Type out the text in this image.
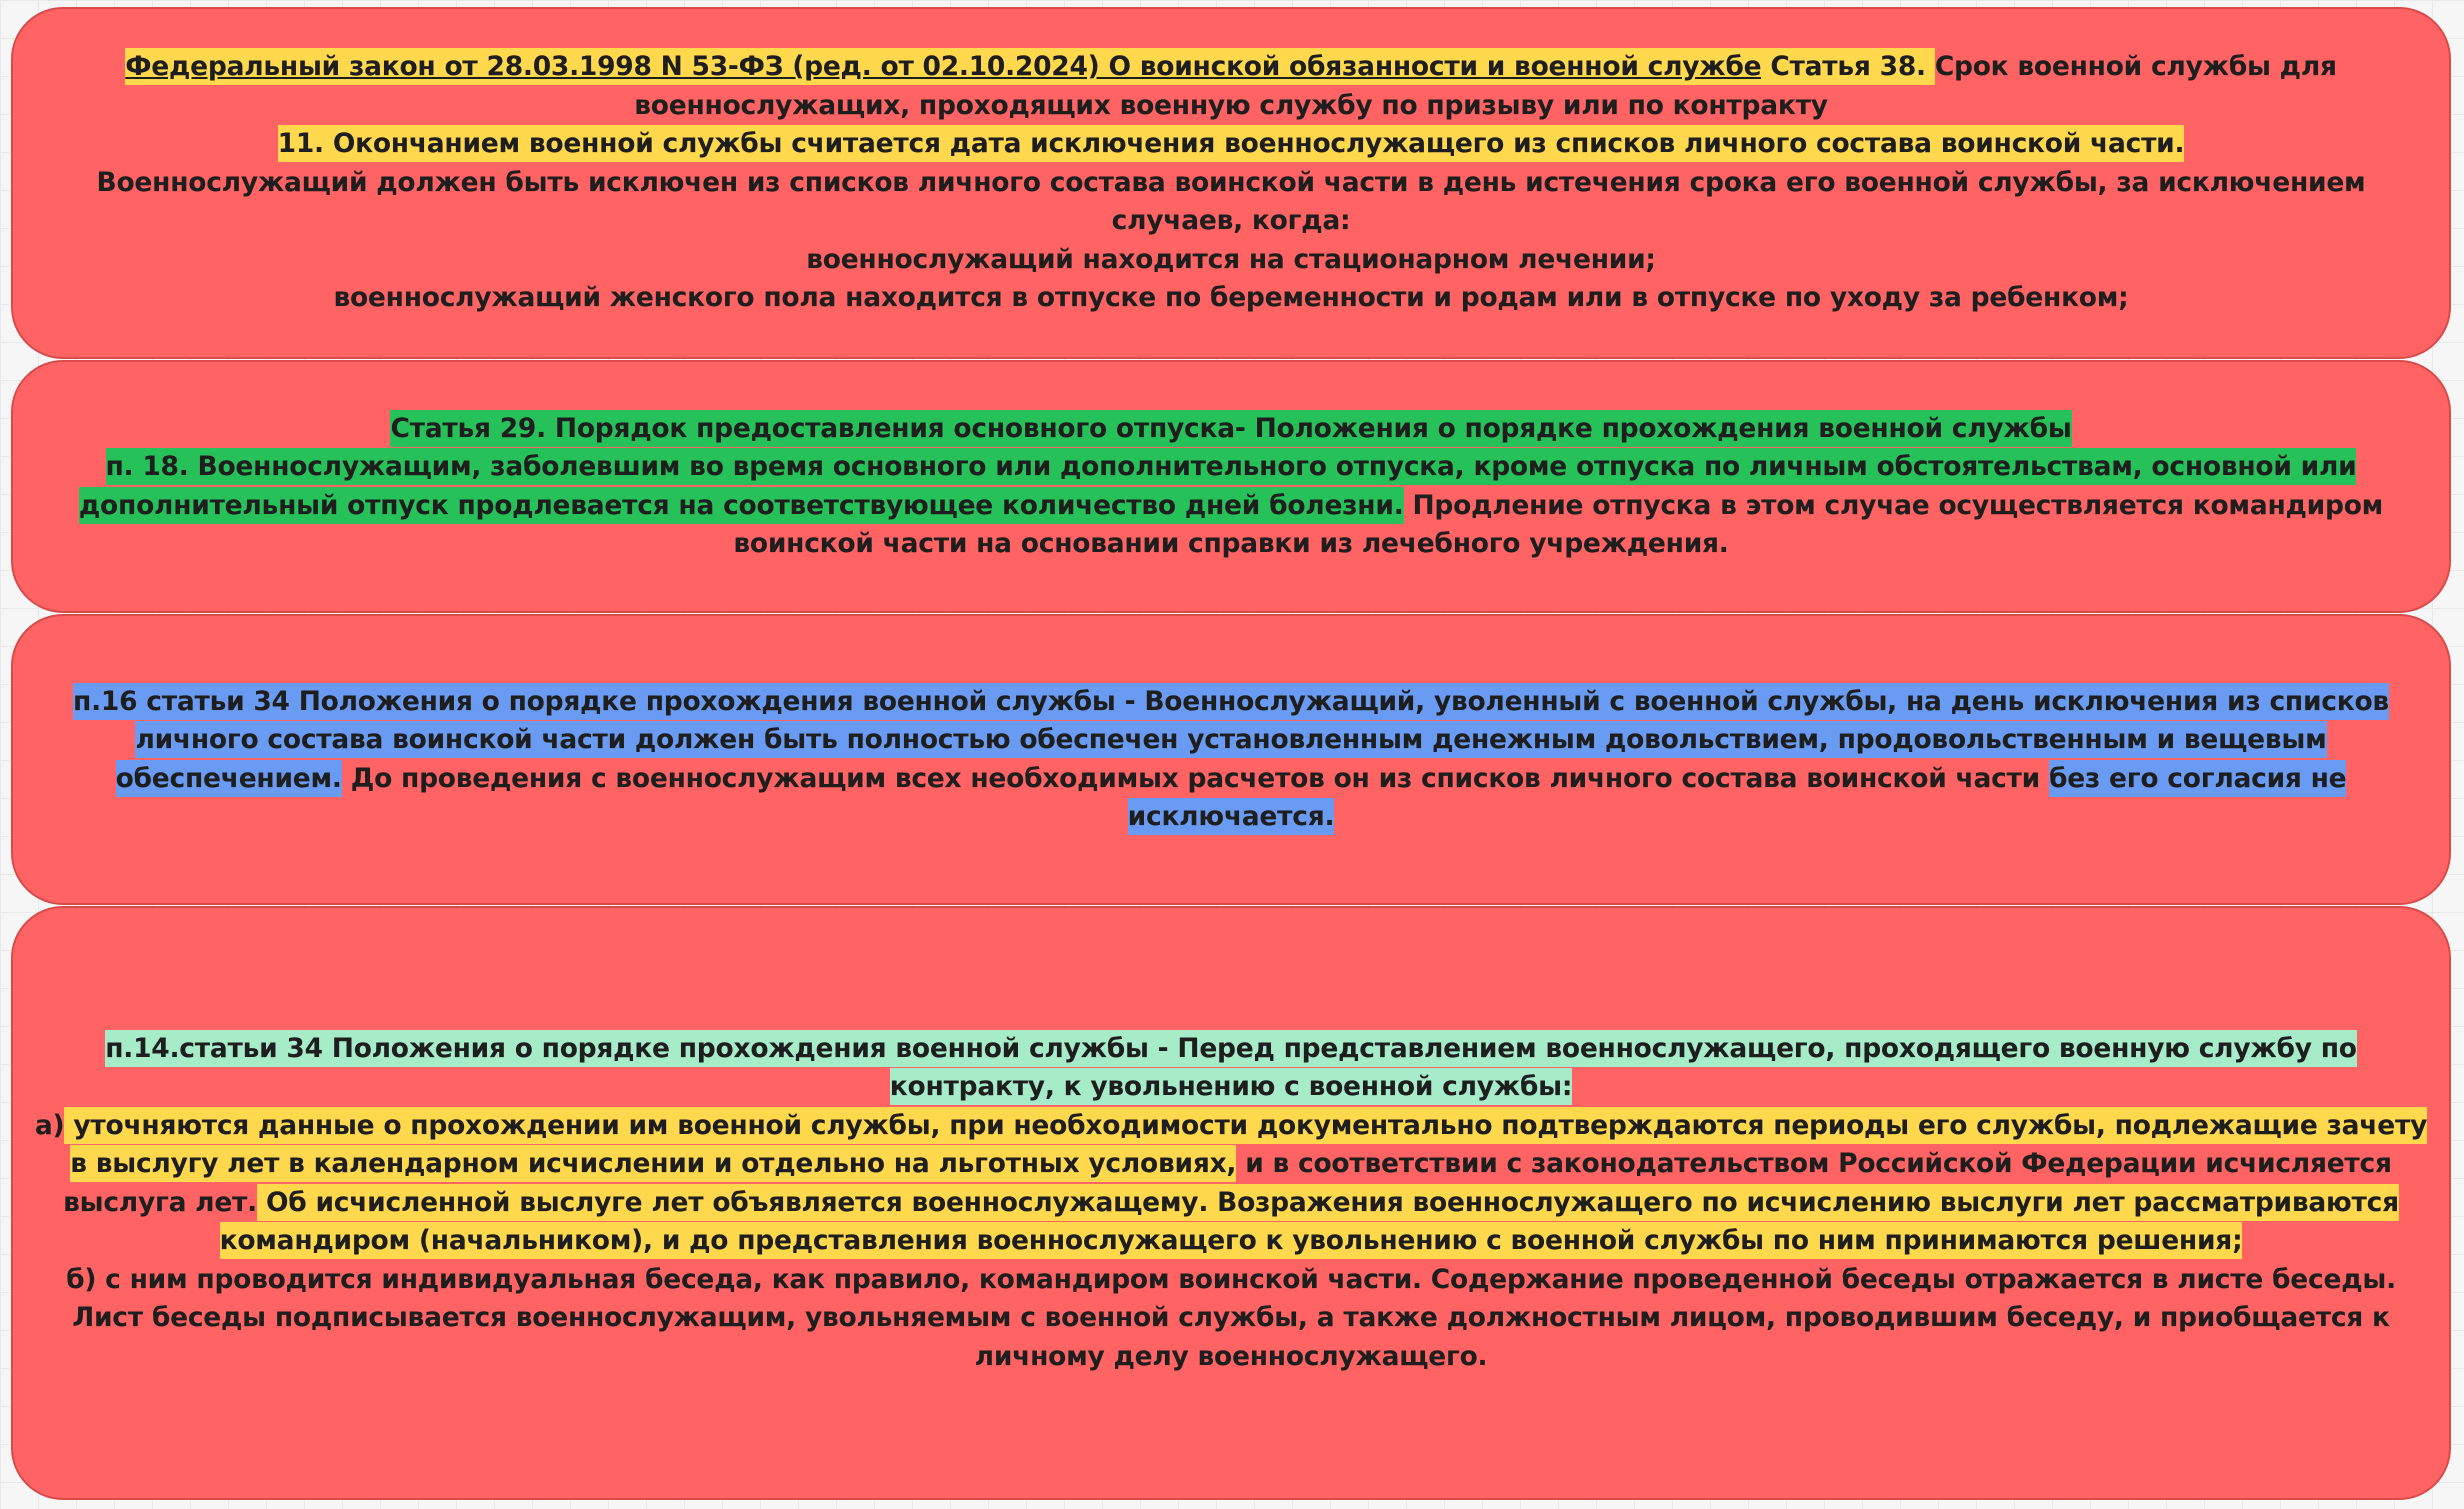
Федеральный закон от 28.03.1998 N 53-ФЗ (ред. от 02.10.2024) О воинской обязанности и военной службе Статья 38. Срок военной службы для военнослужащих, проходящих военную службу по призыву или по контракту
11. Окончанием военной службы считается дата исключения военнослужащего из списков личного состава воинской части.
Военнослужащий должен быть исключен из списков личного состава воинской части в день истечения срока его военной службы, за исключением случаев, когда:
военнослужащий находится на стационарном лечении;
военнослужащий женского пола находится в отпуске по беременности и родам или в отпуске по уходу за ребенком;
Статья 29. Порядок предоставления основного отпуска- Положения о порядке прохождения военной службы
п. 18. Военнослужащим, заболевшим во время основного или дополнительного отпуска, кроме отпуска по личным обстоятельствам, основной или дополнительный отпуск продлевается на соответствующее количество дней болезни. Продление отпуска в этом случае осуществляется командиром воинской части на основании справки из лечебного учреждения.
п.16 статьи 34 Положения о порядке прохождения военной службы - Военнослужащий, уволенный с военной службы, на день исключения из списков личного состава воинской части должен быть полностью обеспечен установленным денежным довольствием, продовольственным и вещевым обеспечением. До проведения с военнослужащим всех необходимых расчетов он из списков личного состава воинской части без его согласия не исключается.
п.14.статьи 34 Положения о порядке прохождения военной службы - Перед представлением военнослужащего, проходящего военную службу по контракту, к увольнению с военной службы:
а) уточняются данные о прохождении им военной службы, при необходимости документально подтверждаются периоды его службы, подлежащие зачету в выслугу лет в календарном исчислении и отдельно на льготных условиях, и в соответствии с законодательством Российской Федерации исчисляется выслуга лет. Об исчисленной выслуге лет объявляется военнослужащему. Возражения военнослужащего по исчислению выслуги лет рассматриваются командиром (начальником), и до представления военнослужащего к увольнению с военной службы по ним принимаются решения;
б) с ним проводится индивидуальная беседа, как правило, командиром воинской части. Содержание проведенной беседы отражается в листе беседы. Лист беседы подписывается военнослужащим, увольняемым с военной службы, а также должностным лицом, проводившим беседу, и приобщается к личному делу военнослужащего.
